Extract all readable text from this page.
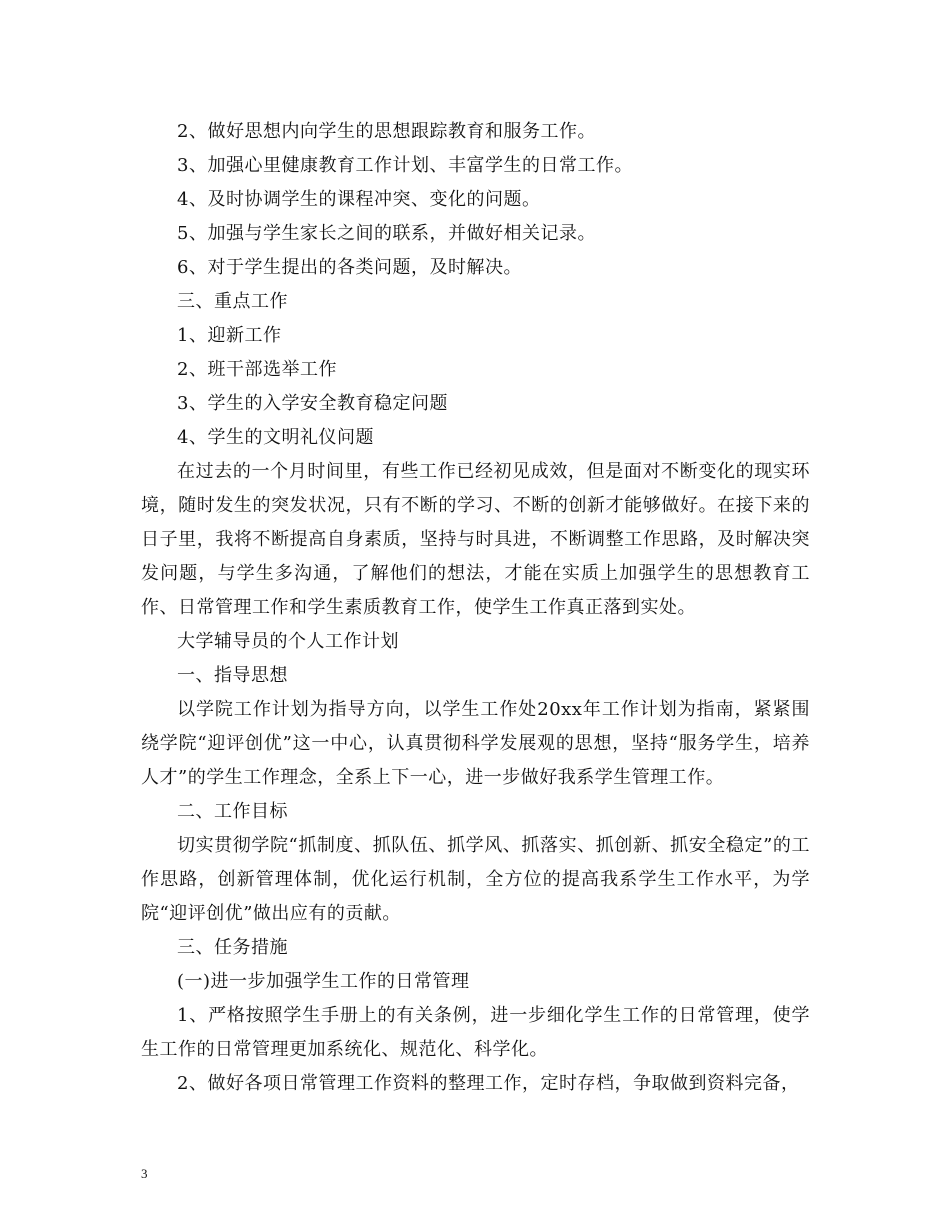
2、做好思想内向学生的思想跟踪教育和服务工作。

3、加强心里健康教育工作计划、丰富学生的日常工作。

4、及时协调学生的课程冲突、变化的问题。

5、加强与学生家长之间的联系，并做好相关记录。

6、对于学生提出的各类问题，及时解决。

三、重点工作

1、迎新工作

2、班干部选举工作

3、学生的入学安全教育稳定问题

4、学生的文明礼仪问题

在过去的一个月时间里，有些工作已经初见成效，但是面对不断变化的现实环境，随时发生的突发状况，只有不断的学习、不断的创新才能够做好。在接下来的日子里，我将不断提高自身素质，坚持与时具进，不断调整工作思路，及时解决突发问题，与学生多沟通，了解他们的想法，才能在实质上加强学生的思想教育工作、日常管理工作和学生素质教育工作，使学生工作真正落到实处。

大学辅导员的个人工作计划

一、指导思想

以学院工作计划为指导方向，以学生工作处20xx年工作计划为指南，紧紧围绕学院“迎评创优”这一中心，认真贯彻科学发展观的思想，坚持“服务学生，培养人才”的学生工作理念，全系上下一心，进一步做好我系学生管理工作。

二、工作目标

切实贯彻学院“抓制度、抓队伍、抓学风、抓落实、抓创新、抓安全稳定”的工作思路，创新管理体制，优化运行机制，全方位的提高我系学生工作水平，为学院“迎评创优”做出应有的贡献。

三、任务措施

(一)进一步加强学生工作的日常管理

1、严格按照学生手册上的有关条例，进一步细化学生工作的日常管理，使学生工作的日常管理更加系统化、规范化、科学化。

2、做好各项日常管理工作资料的整理工作，定时存档，争取做到资料完备，

3
